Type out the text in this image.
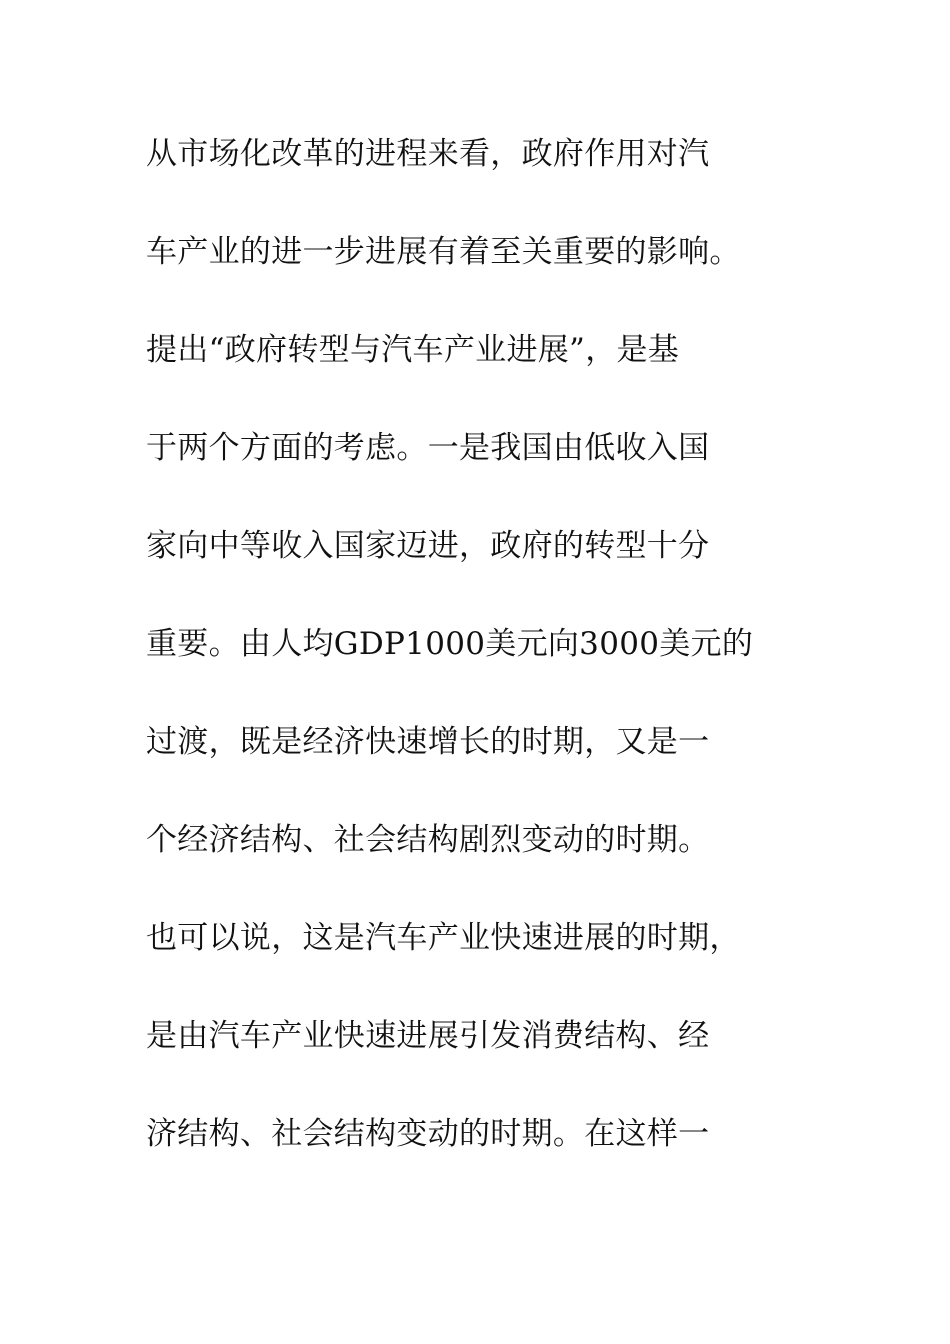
从市场化改革的进程来看，政府作用对汽
车产业的进一步进展有着至关重要的影响。
提出“政府转型与汽车产业进展”，是基
于两个方面的考虑。一是我国由低收入国
家向中等收入国家迈进，政府的转型十分
重要。由人均GDP1000美元向3000美元的
过渡，既是经济快速增长的时期，又是一
个经济结构、社会结构剧烈变动的时期。
也可以说，这是汽车产业快速进展的时期，
是由汽车产业快速进展引发消费结构、经
济结构、社会结构变动的时期。在这样一
